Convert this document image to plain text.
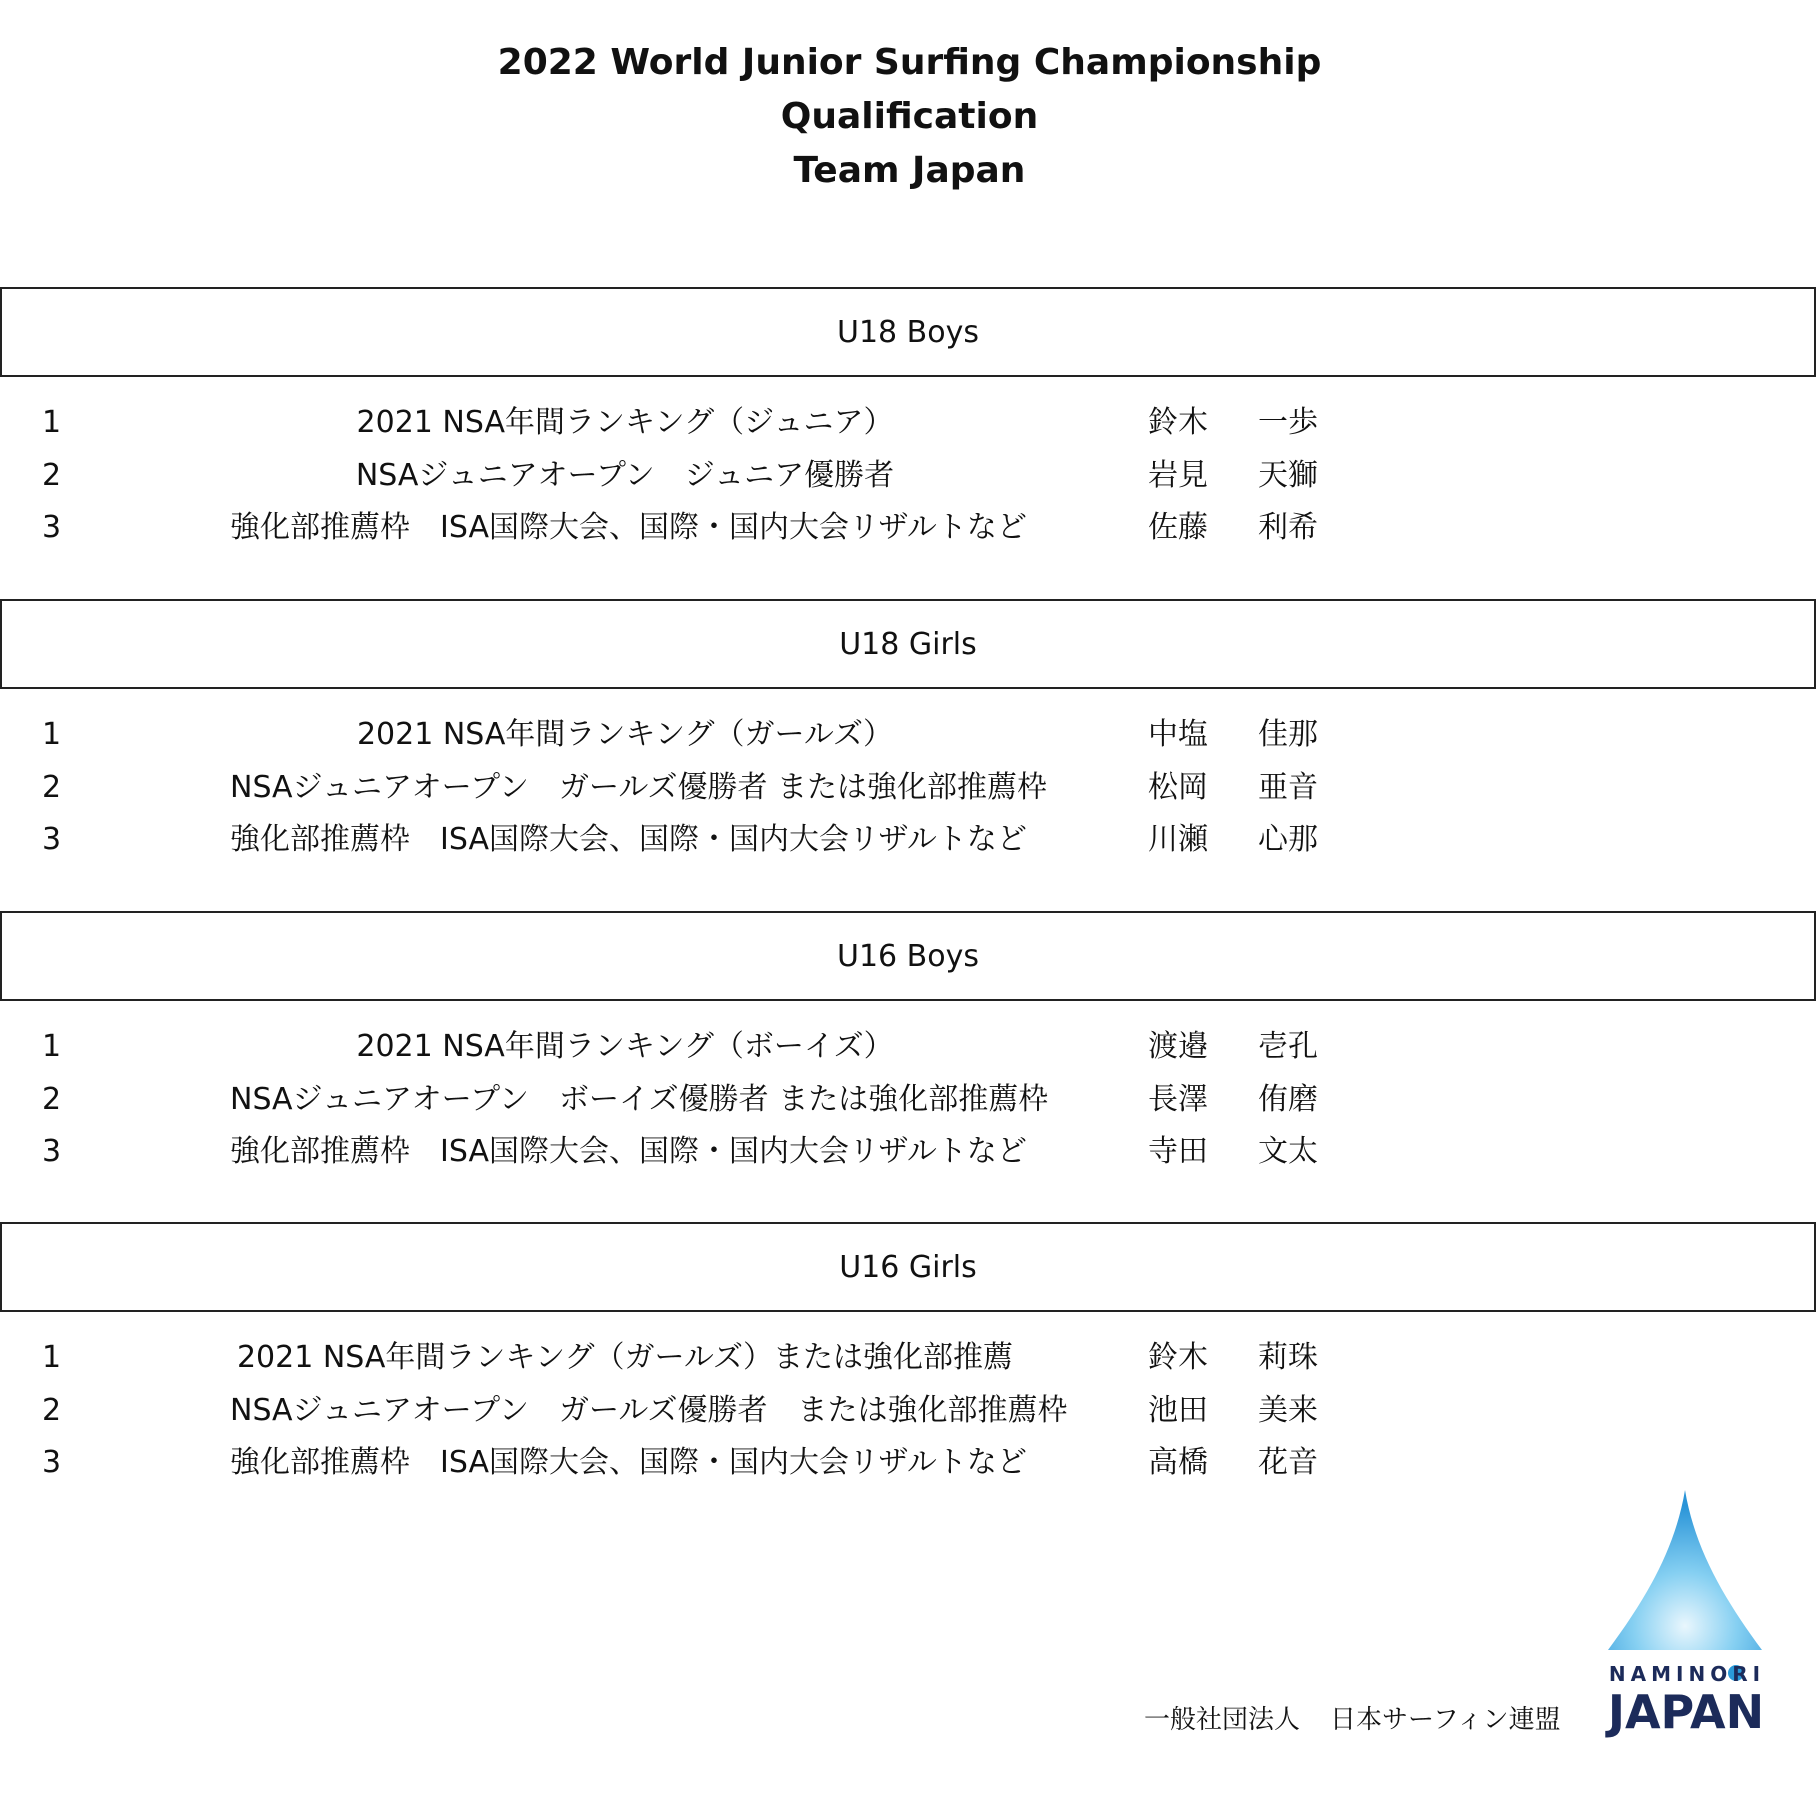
2022 World Junior Surfing Championship
Qualification
Team Japan
U18 Boys
1	2021 NSA年間ランキング（ジュニア）	鈴木 一歩
2	NSAジュニアオープン　ジュニア優勝者	岩見 天獅
3	強化部推薦枠　ISA国際大会、国際・国内大会リザルトなど	佐藤 利希
U18 Girls
1	2021 NSA年間ランキング（ガールズ）	中塩 佳那
2	NSAジュニアオープン　ガールズ優勝者 または強化部推薦枠	松岡 亜音
3	強化部推薦枠　ISA国際大会、国際・国内大会リザルトなど	川瀬 心那
U16 Boys
1	2021 NSA年間ランキング（ボーイズ）	渡邉 壱孔
2	NSAジュニアオープン　ボーイズ優勝者 または強化部推薦枠	長澤 侑磨
3	強化部推薦枠　ISA国際大会、国際・国内大会リザルトなど	寺田 文太
U16 Girls
1	2021 NSA年間ランキング（ガールズ）または強化部推薦	鈴木 莉珠
2	NSAジュニアオープン　ガールズ優勝者　または強化部推薦枠	池田 美来
3	強化部推薦枠　ISA国際大会、国際・国内大会リザルトなど	高橋 花音
一般社団法人 日本サーフィン連盟
NAMINORI
JAPAN
